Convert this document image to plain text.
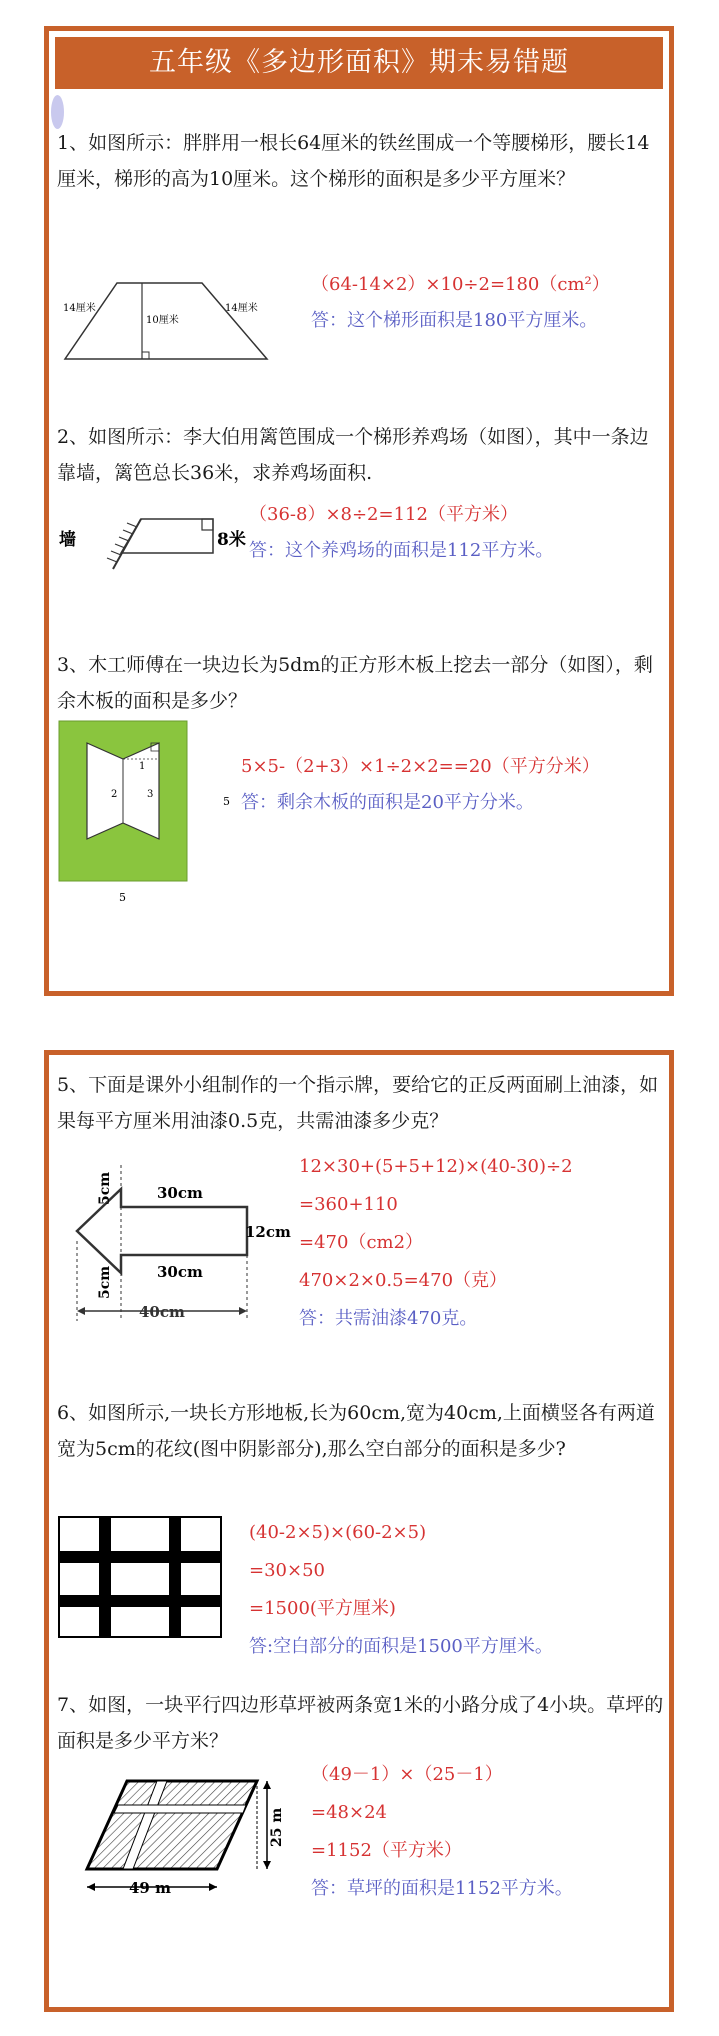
五年级《多边形面积》期末易错题
1、如图所示：胖胖用一根长64厘米的铁丝围成一个等腰梯形，腰长14厘米，梯形的高为10厘米。这个梯形的面积是多少平方厘米？
14厘米
10厘米
14厘米
（64-14×2）×10÷2=180（cm²）
答：这个梯形面积是180平方厘米。
2、如图所示：李大伯用篱笆围成一个梯形养鸡场（如图），其中一条边靠墙，篱笆总长36米，求养鸡场面积.
墙	8米
（36-8）×8÷2=112（平方米）
答：这个养鸡场的面积是112平方米。
3、木工师傅在一块边长为5dm的正方形木板上挖去一部分（如图），剩余木板的面积是多少？
1
2	3
5
5
5×5-（2+3）×1÷2×2==20（平方分米）
答：剩余木板的面积是20平方分米。
5、下面是课外小组制作的一个指示牌，要给它的正反两面刷上油漆，如果每平方厘米用油漆0.5克，共需油漆多少克？
5cm	30cm
12cm
30cm
5cm
40cm
12×30+(5+5+12)×(40-30)÷2
=360+110
=470（cm2）
470×2×0.5=470（克）
答：共需油漆470克。
6、如图所示,一块长方形地板,长为60cm,宽为40cm,上面横竖各有两道宽为5cm的花纹(图中阴影部分),那么空白部分的面积是多少?
(40-2×5)×(60-2×5)
=30×50
=1500(平方厘米)
答:空白部分的面积是1500平方厘米。
7、如图，一块平行四边形草坪被两条宽1米的小路分成了4小块。草坪的面积是多少平方米？
25 m
49 m
（49－1）×（25－1）
=48×24
=1152（平方米）
答：草坪的面积是1152平方米。
